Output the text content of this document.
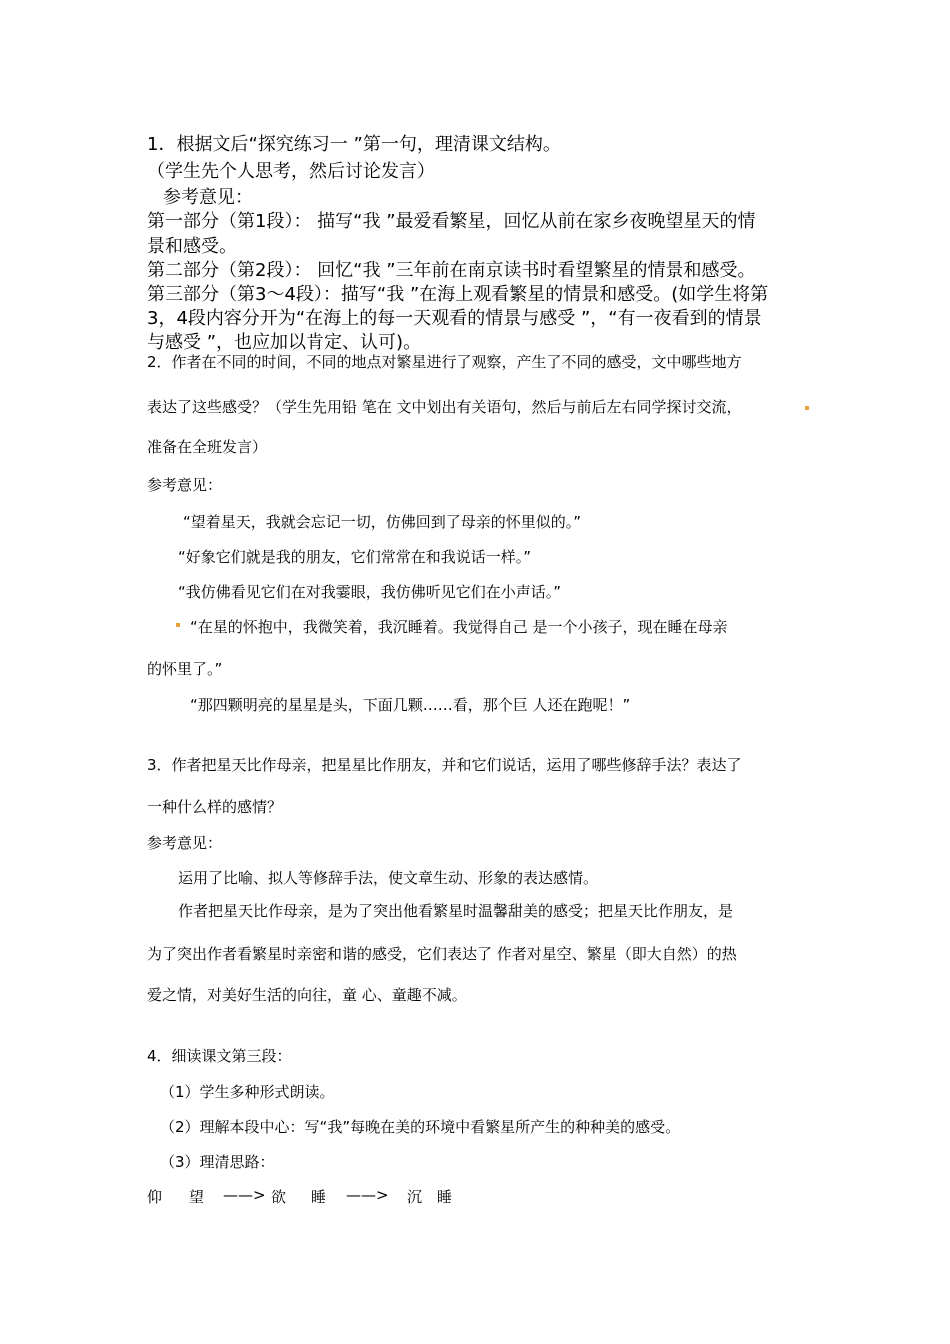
1．根据文后“探究练习一 ”第一句，理清课文结构。
（学生先个人思考，然后讨论发言）
参考意见：
第一部分（第1段）： 描写“我 ”最爱看繁星，回忆从前在家乡夜晚望星天的情
景和感受。
第二部分（第2段）： 回忆“我 ”三年前在南京读书时看望繁星的情景和感受。
第三部分（第3～4段）：描写“我 ”在海上观看繁星的情景和感受。(如学生将第
3，4段内容分开为“在海上的每一天观看的情景与感受 ”，“有一夜看到的情景
与感受 ”，也应加以肯定、认可)。
2．作者在不同的时间，不同的地点对繁星进行了观察，产生了不同的感受，文中哪些地方
表达了这些感受？（学生先用铅 笔在 文中划出有关语句，然后与前后左右同学探讨交流，
准备在全班发言）
参考意见：
“望着星天，我就会忘记一切，仿佛回到了母亲的怀里似的。”
“好象它们就是我的朋友，它们常常在和我说话一样。”
“我仿佛看见它们在对我霎眼，我仿佛听见它们在小声话。”
“在星的怀抱中，我微笑着，我沉睡着。我觉得自己 是一个小孩子，现在睡在母亲
的怀里了。”
“那四颗明亮的星星是头，下面几颗……看，那个巨 人还在跑呢！”
3．作者把星天比作母亲，把星星比作朋友，并和它们说话，运用了哪些修辞手法？表达了
一种什么样的感情？
参考意见：
运用了比喻、拟人等修辞手法，使文章生动、形象的表达感情。
作者把星天比作母亲，是为了突出他看繁星时温馨甜美的感受；把星天比作朋友，是
为了突出作者看繁星时亲密和谐的感受，它们表达了 作者对星空、繁星（即大自然）的热
爱之情，对美好生活的向往，童 心、童趣不减。
4．细读课文第三段：
（1）学生多种形式朗读。
（2）理解本段中心：写“我”每晚在美的环境中看繁星所产生的种种美的感受。
（3）理清思路：
仰 望 ——> 欲 睡 ——> 沉 睡
